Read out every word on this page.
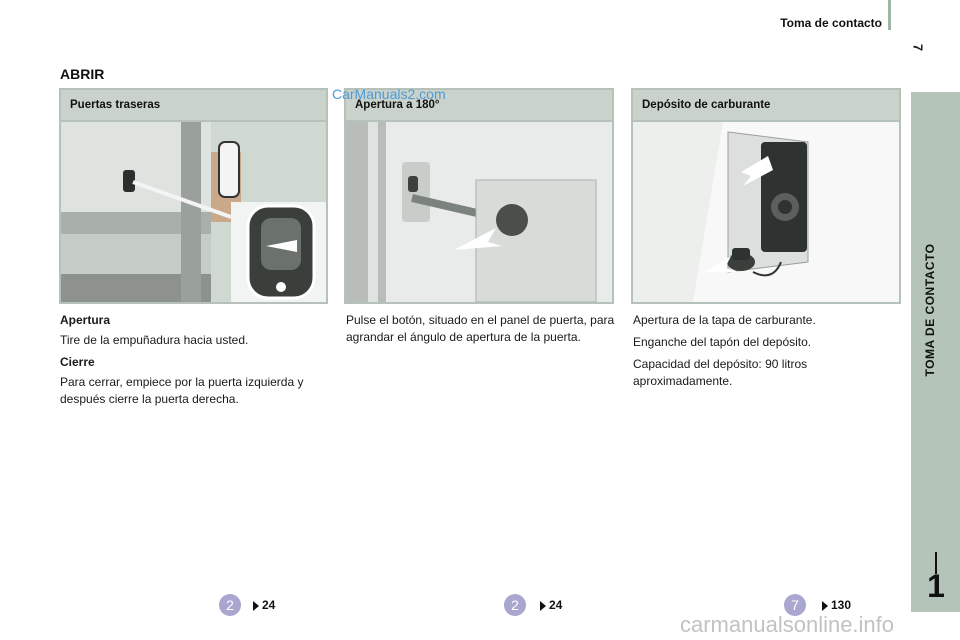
Toma de contacto
7
TOMA DE CONTACTO
1
ABRIR
Puertas traseras	Apertura a 180°	Depósito de carburante

Apertura

Tire de la empuñadura hacia usted.

Cierre

Para cerrar, empiece por la puerta izquierda y después cierre la puerta derecha.

Pulse el botón, situado en el panel de puerta, para agrandar el ángulo de apertura de la puerta.

Apertura de la tapa de carburante.

Enganche del tapón del depósito.

Capacidad del depósito: 90 litros aproximadamente.

2	24	2	24	7	130
CarManuals2.com
carmanualsonline.info
